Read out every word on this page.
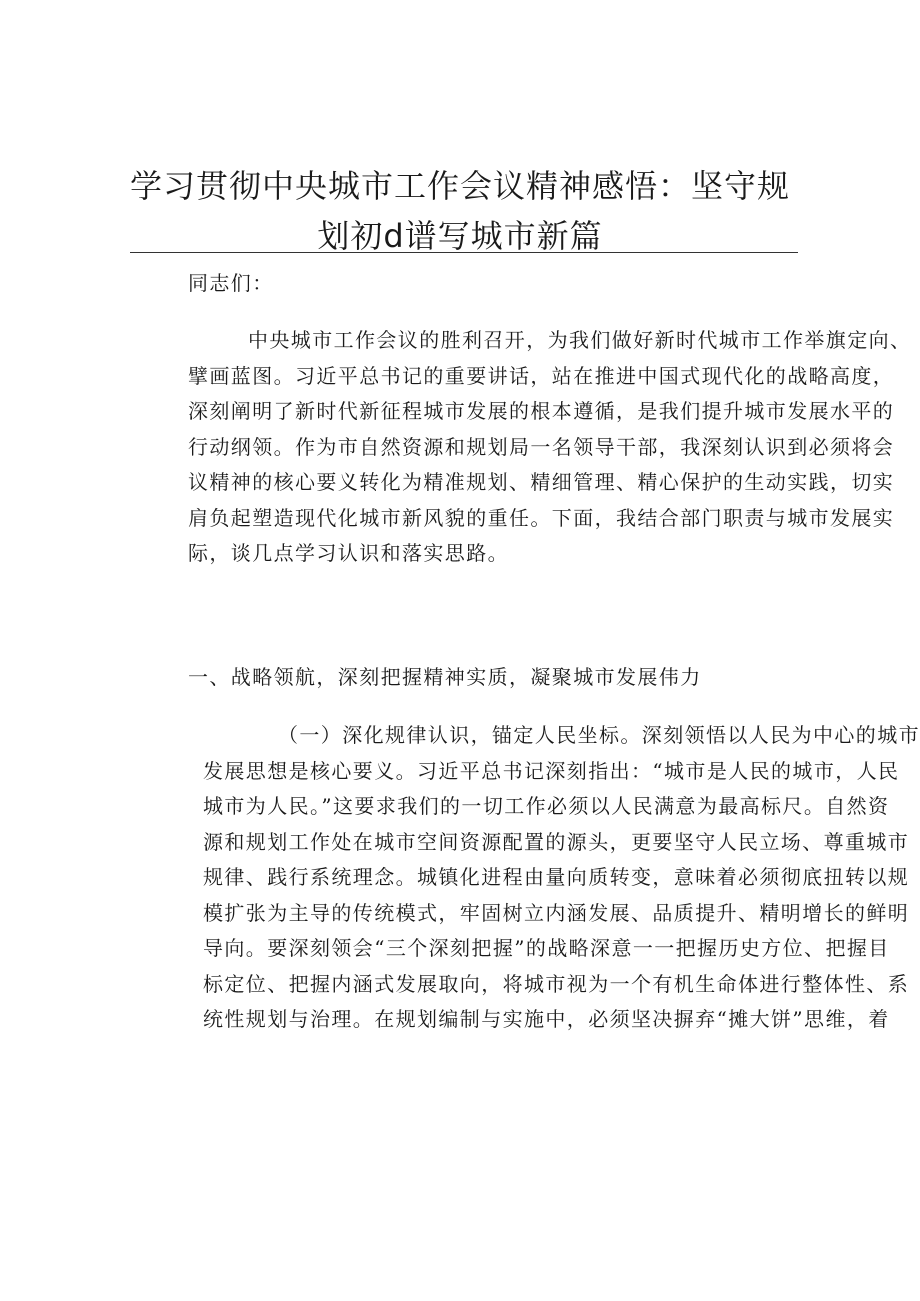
学习贯彻中央城市工作会议精神感悟：坚守规
划初d谱写城市新篇

同志们：

中央城市工作会议的胜利召开，为我们做好新时代城市工作举旗定向、
擘画蓝图。习近平总书记的重要讲话，站在推进中国式现代化的战略高度，
深刻阐明了新时代新征程城市发展的根本遵循，是我们提升城市发展水平的
行动纲领。作为市自然资源和规划局一名领导干部，我深刻认识到必须将会
议精神的核心要义转化为精准规划、精细管理、精心保护的生动实践，切实
肩负起塑造现代化城市新风貌的重任。下面，我结合部门职责与城市发展实
际，谈几点学习认识和落实思路。

一、战略领航，深刻把握精神实质，凝聚城市发展伟力

（一）深化规律认识，锚定人民坐标。深刻领悟以人民为中心的城市
发展思想是核心要义。习近平总书记深刻指出：“城市是人民的城市，人民
城市为人民。”这要求我们的一切工作必须以人民满意为最高标尺。自然资
源和规划工作处在城市空间资源配置的源头，更要坚守人民立场、尊重城市
规律、践行系统理念。城镇化进程由量向质转变，意味着必须彻底扭转以规
模扩张为主导的传统模式，牢固树立内涵发展、品质提升、精明增长的鲜明
导向。要深刻领会“三个深刻把握”的战略深意一一把握历史方位、把握目
标定位、把握内涵式发展取向，将城市视为一个有机生命体进行整体性、系
统性规划与治理。在规划编制与实施中，必须坚决摒弃“摊大饼”思维，着
